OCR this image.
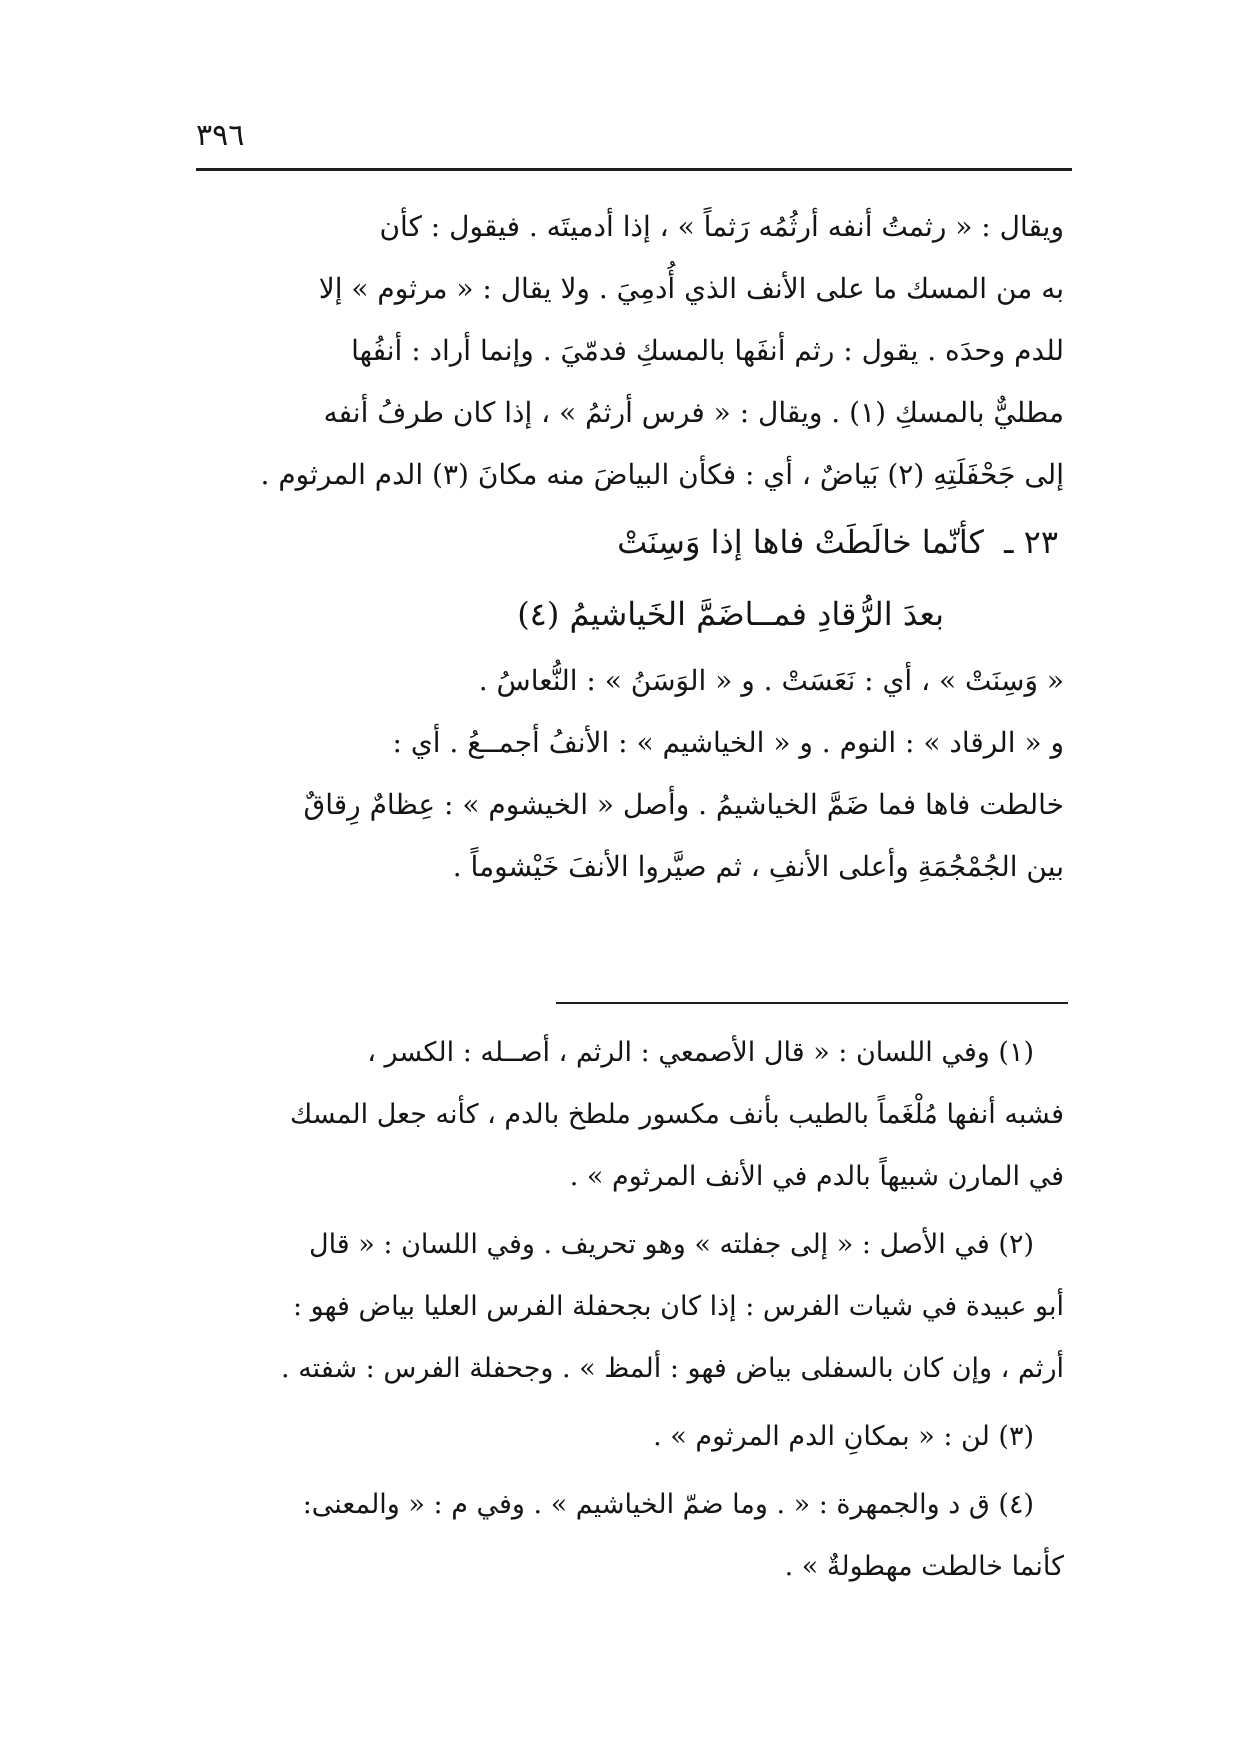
٣٩٦
ويقال : « رثمتُ أنفه أرثُمُه رَثماً » ، إذا أدميتَه . فيقول : كأن
به من المسك ما على الأنف الذي أُدمِيَ . ولا يقال : « مرثوم » إلا
للدم وحدَه . يقول : رثم أنفَها بالمسكِ فدمّيَ . وإنما أراد : أنفُها
مطليٌّ بالمسكِ (١) . ويقال : « فرس أرثمُ » ، إذا كان طرفُ أنفه
إلى جَحْفَلَتِهِ (٢) بَياضٌ ، أي : فكأن البياضَ منه مكانَ (٣) الدم المرثوم .
٢٣ ـ كأنّما خالَطَتْ فاها إذا وَسِنَتْ
بعدَ الرُّقادِ فمــاضَمَّ الخَياشيمُ (٤)
« وَسِنَتْ » ، أي : نَعَسَتْ . و « الوَسَنُ » : النُّعاسُ .
و « الرقاد » : النوم . و « الخياشيم » : الأنفُ أجمــعُ . أي :
خالطت فاها فما ضَمَّ الخياشيمُ . وأصل « الخيشوم » : عِظامٌ رِقاقٌ
بين الجُمْجُمَةِ وأعلى الأنفِ ، ثم صيَّروا الأنفَ خَيْشوماً .
(١) وفي اللسان : « قال الأصمعي : الرثم ، أصــله : الكسر ،
فشبه أنفها مُلْغَماً بالطيب بأنف مكسور ملطخ بالدم ، كأنه جعل المسك
في المارن شبيهاً بالدم في الأنف المرثوم » .
(٢) في الأصل : « إلى جفلته » وهو تحريف . وفي اللسان : « قال
أبو عبيدة في شيات الفرس : إذا كان بجحفلة الفرس العليا بياض فهو :
أرثم ، وإن كان بالسفلى بياض فهو : ألمظ » . وجحفلة الفرس : شفته .
(٣) لن : « بمكانِ الدم المرثوم » .
(٤) ق د والجمهرة : « . وما ضمّ الخياشيم » . وفي م : « والمعنى:
كأنما خالطت مهطولةٌ » .
